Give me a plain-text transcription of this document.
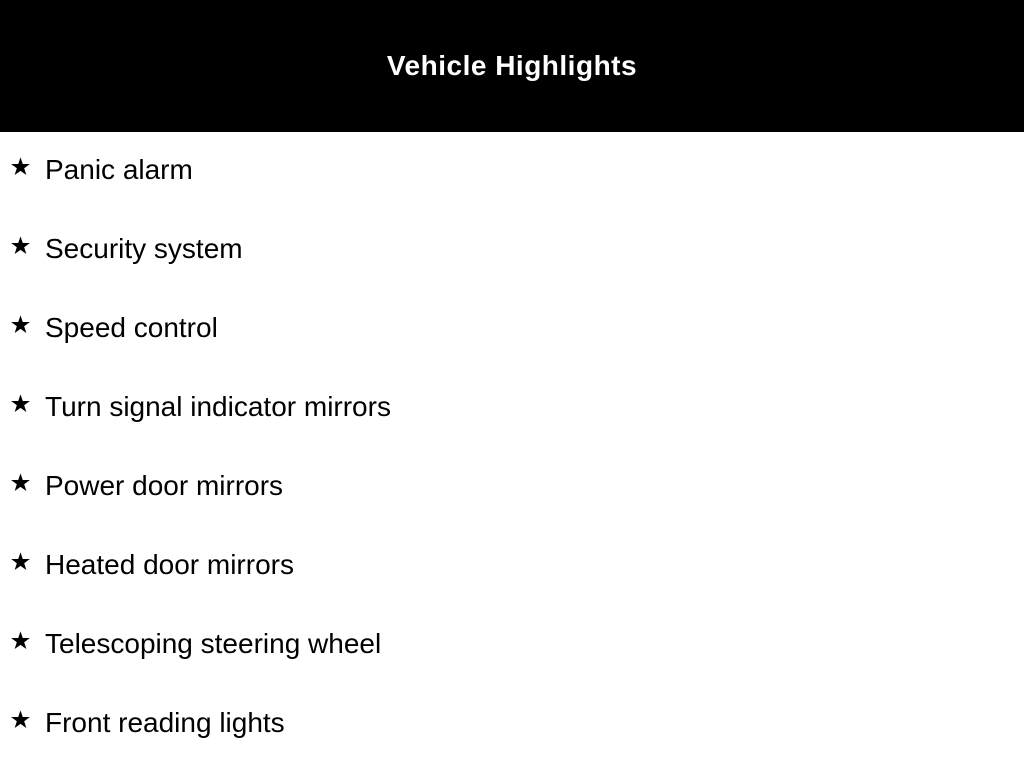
Vehicle Highlights
Panic alarm
Security system
Speed control
Turn signal indicator mirrors
Power door mirrors
Heated door mirrors
Telescoping steering wheel
Front reading lights
